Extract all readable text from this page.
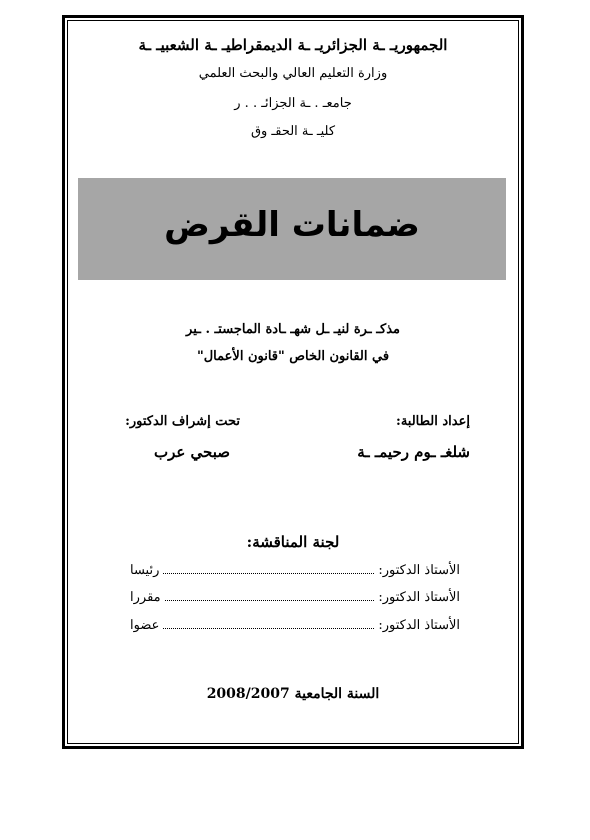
الجمهوريـ ـة الجزائريـ ـة الديمقراطيـ ـة الشعبيـ ـة
وزارة التعليم العالي والبحث العلمي
جامعـ . ـة الجزائـ . . ر
كليـ ـة الحقـ وق
ضمانات القرض
مذكـ ـرة لنيـ ـل شهـ ـادة الماجستـ . ـير
في القانون الخاص "قانون الأعمال"
إعداد الطالبة:
تحت إشراف الدكتور:
شلغـ ـوم رحيمـ ـة
صبحي عرب
لجنة المناقشة:
الأستاذ الدكتور:
رئيسا
الأستاذ الدكتور:
مقررا
الأستاذ الدكتور:
عضوا
السنة الجامعية 2008/2007
